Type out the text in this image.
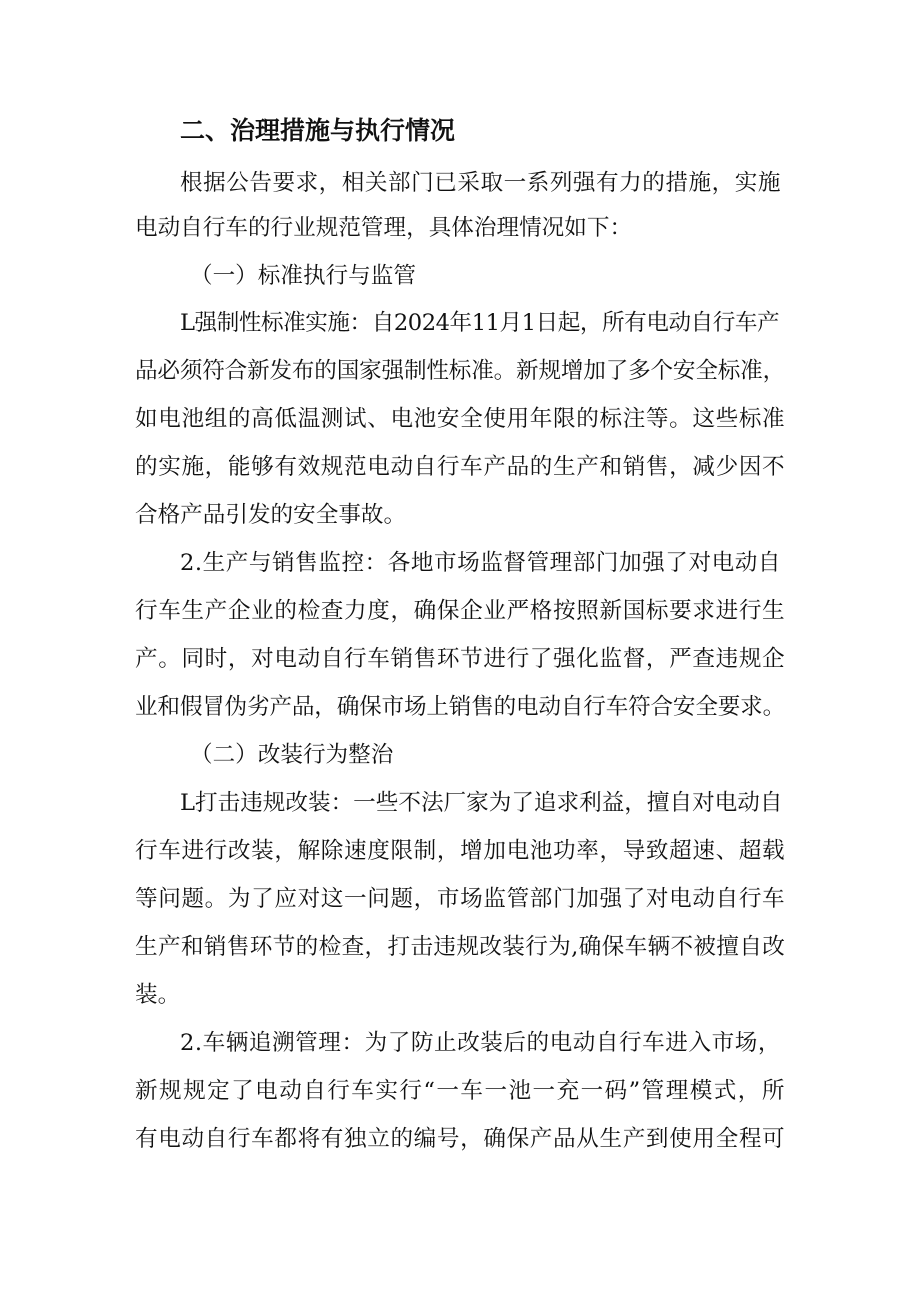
二、治理措施与执行情况
根据公告要求，相关部门已采取一系列强有力的措施，实施
电动自行车的行业规范管理，具体治理情况如下：
（一）标准执行与监管
L强制性标准实施：自2024年11月1日起，所有电动自行车产
品必须符合新发布的国家强制性标准。新规增加了多个安全标准，
如电池组的高低温测试、电池安全使用年限的标注等。这些标准
的实施，能够有效规范电动自行车产品的生产和销售，减少因不
合格产品引发的安全事故。
2.生产与销售监控：各地市场监督管理部门加强了对电动自
行车生产企业的检查力度，确保企业严格按照新国标要求进行生
产。同时，对电动自行车销售环节进行了强化监督，严查违规企
业和假冒伪劣产品，确保市场上销售的电动自行车符合安全要求。
（二）改装行为整治
L打击违规改装：一些不法厂家为了追求利益，擅自对电动自
行车进行改装，解除速度限制，增加电池功率，导致超速、超载
等问题。为了应对这一问题，市场监管部门加强了对电动自行车
生产和销售环节的检查，打击违规改装行为,确保车辆不被擅自改
装。
2.车辆追溯管理：为了防止改装后的电动自行车进入市场，
新规规定了电动自行车实行“一车一池一充一码”管理模式，所
有电动自行车都将有独立的编号，确保产品从生产到使用全程可
